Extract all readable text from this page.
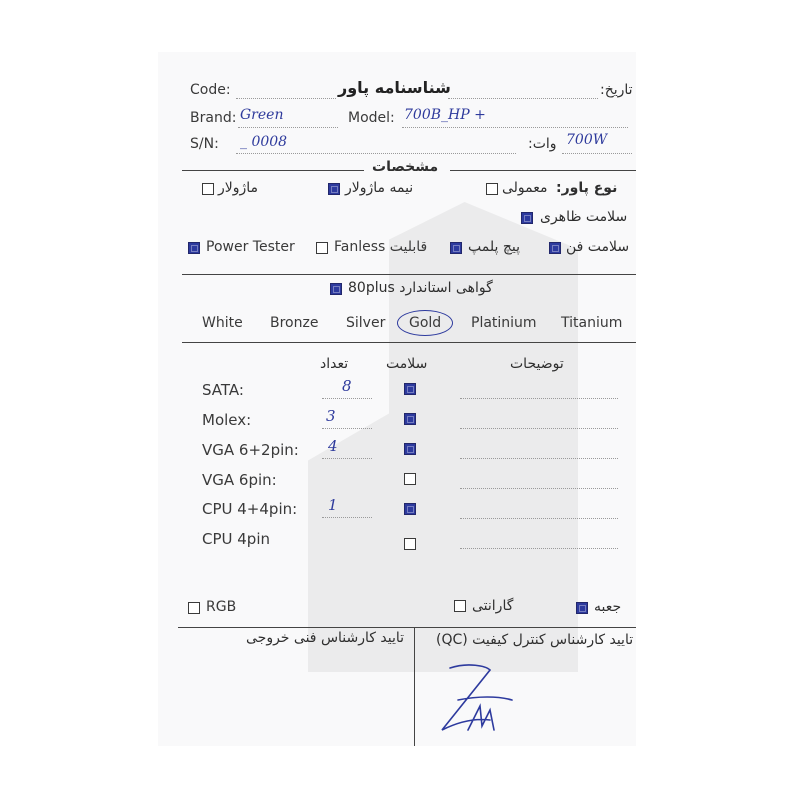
Code:	شناسنامه پاور	تاریخ:
Brand: Green	Model: 700B_HP +
S/N: _ 0008	وات: 700W
مشخصات
ماژولار	نیمه ماژولار	معمولی نوع پاور:
سلامت ظاهری
Power Tester	Fanless قابلیت	پیچ پلمپ	سلامت فن
گواهی استاندارد 80plus
White Bronze Silver	Gold	Platinium Titanium
تعداد	سلامت	توضیحات
SATA:	8
Molex:	3
VGA 6+2pin: 4
VGA 6pin:
CPU 4+4pin: 1
CPU 4pin
RGB	گارانتی	جعبه
تایید کارشناس فنی خروجی تایید کارشناس کنترل کیفیت (QC)
